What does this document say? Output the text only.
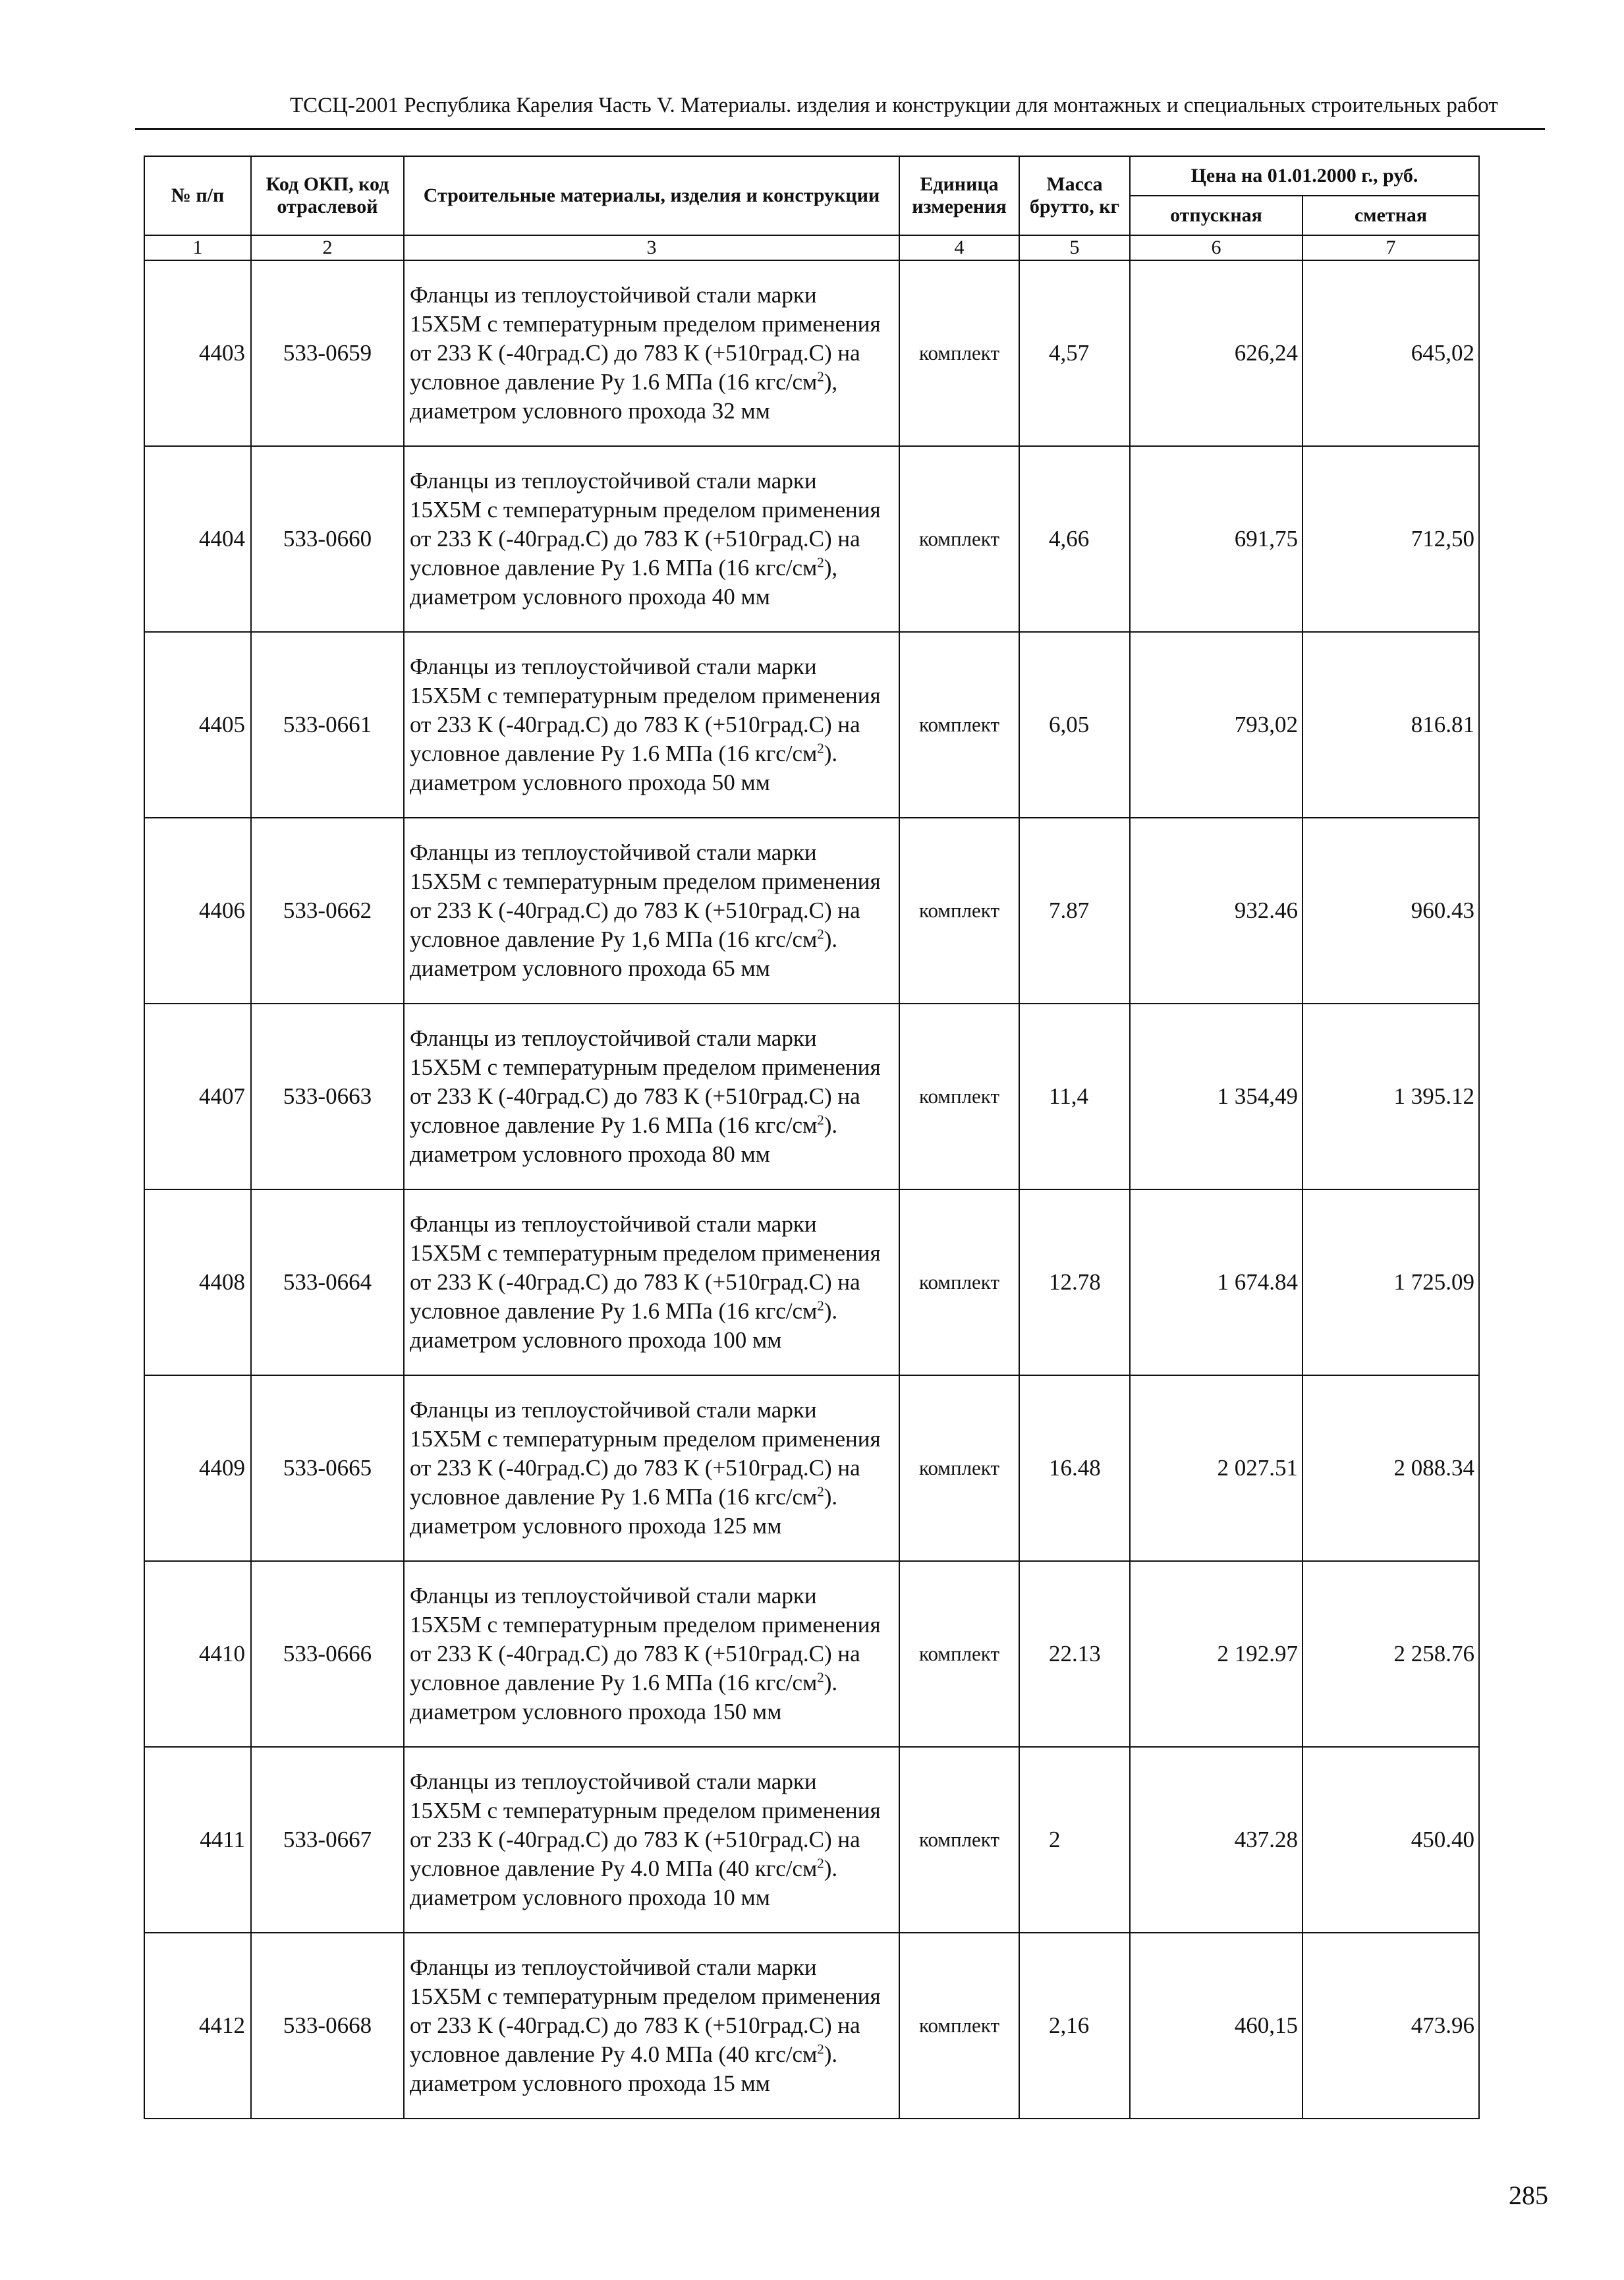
ТССЦ-2001 Республика Карелия Часть V. Материалы. изделия и конструкции для монтажных и специальных строительных работ
№ п/п	Код ОКП, код отраслевой	Строительные материалы, изделия и конструкции	Единица измерения	Масса брутто, кг	Цена на 01.01.2000 г., руб.	
					отпускная	сметная
1	2	3	4	5	6	7
4403	533-0659	Фланцы из теплоустойчивой стали марки 15Х5М с температурным пределом применения от 233 К (-40град.С) до 783 К (+510град.С) на условное давление Ру 1.6 МПа (16 кгс/$см^2$), диаметром условного прохода 32 мм	комплект	4,57	626,24	645,02
4404	533-0660	Фланцы из теплоустойчивой стали марки 15Х5М с температурным пределом применения от 233 К (-40град.С) до 783 К (+510град.С) на условное давление Ру 1.6 МПа (16 кгс/$см^2$), диаметром условного прохода 40 мм	комплект	4,66	691,75	712,50
4405	533-0661	Фланцы из теплоустойчивой стали марки 15Х5М с температурным пределом применения от 233 К (-40град.С) до 783 К (+510град.С) на условное давление Ру 1.6 МПа (16 кгс/$см^2$). диаметром условного прохода 50 мм	комплект	6,05	793,02	816.81
4406	533-0662	Фланцы из теплоустойчивой стали марки 15Х5М с температурным пределом применения от 233 К (-40град.С) до 783 К (+510град.С) на условное давление Ру 1,6 МПа (16 кгс/$см^2$). диаметром условного прохода 65 мм	комплект	7.87	932.46	960.43
4407	533-0663	Фланцы из теплоустойчивой стали марки 15Х5М с температурным пределом применения от 233 К (-40град.С) до 783 К (+510град.С) на условное давление Ру 1.6 МПа (16 кгс/$см^2$). диаметром условного прохода 80 мм	комплект	11,4	1 354,49	1 395.12
4408	533-0664	Фланцы из теплоустойчивой стали марки 15Х5М с температурным пределом применения от 233 К (-40град.С) до 783 К (+510град.С) на условное давление Ру 1.6 МПа (16 кгс/$см^2$). диаметром условного прохода 100 мм	комплект	12.78	1 674.84	1 725.09
4409	533-0665	Фланцы из теплоустойчивой стали марки 15Х5М с температурным пределом применения от 233 К (-40град.С) до 783 К (+510град.С) на условное давление Ру 1.6 МПа (16 кгс/$см^2$). диаметром условного прохода 125 мм	комплект	16.48	2 027.51	2 088.34
4410	533-0666	Фланцы из теплоустойчивой стали марки 15Х5М с температурным пределом применения от 233 К (-40град.С) до 783 К (+510град.С) на условное давление Ру 1.6 МПа (16 кгс/$см^2$). диаметром условного прохода 150 мм	комплект	22.13	2 192.97	2 258.76
4411	533-0667	Фланцы из теплоустойчивой стали марки 15Х5М с температурным пределом применения от 233 К (-40град.С) до 783 К (+510град.С) на условное давление Ру 4.0 МПа (40 кгс/$см^2$). диаметром условного прохода 10 мм	комплект	2	437.28	450.40
4412	533-0668	Фланцы из теплоустойчивой стали марки 15Х5М с температурным пределом применения от 233 К (-40град.С) до 783 К (+510град.С) на условное давление Ру 4.0 МПа (40 кгс/$см^2$). диаметром условного прохода 15 мм	комплект	2,16	460,15	473.96
285
